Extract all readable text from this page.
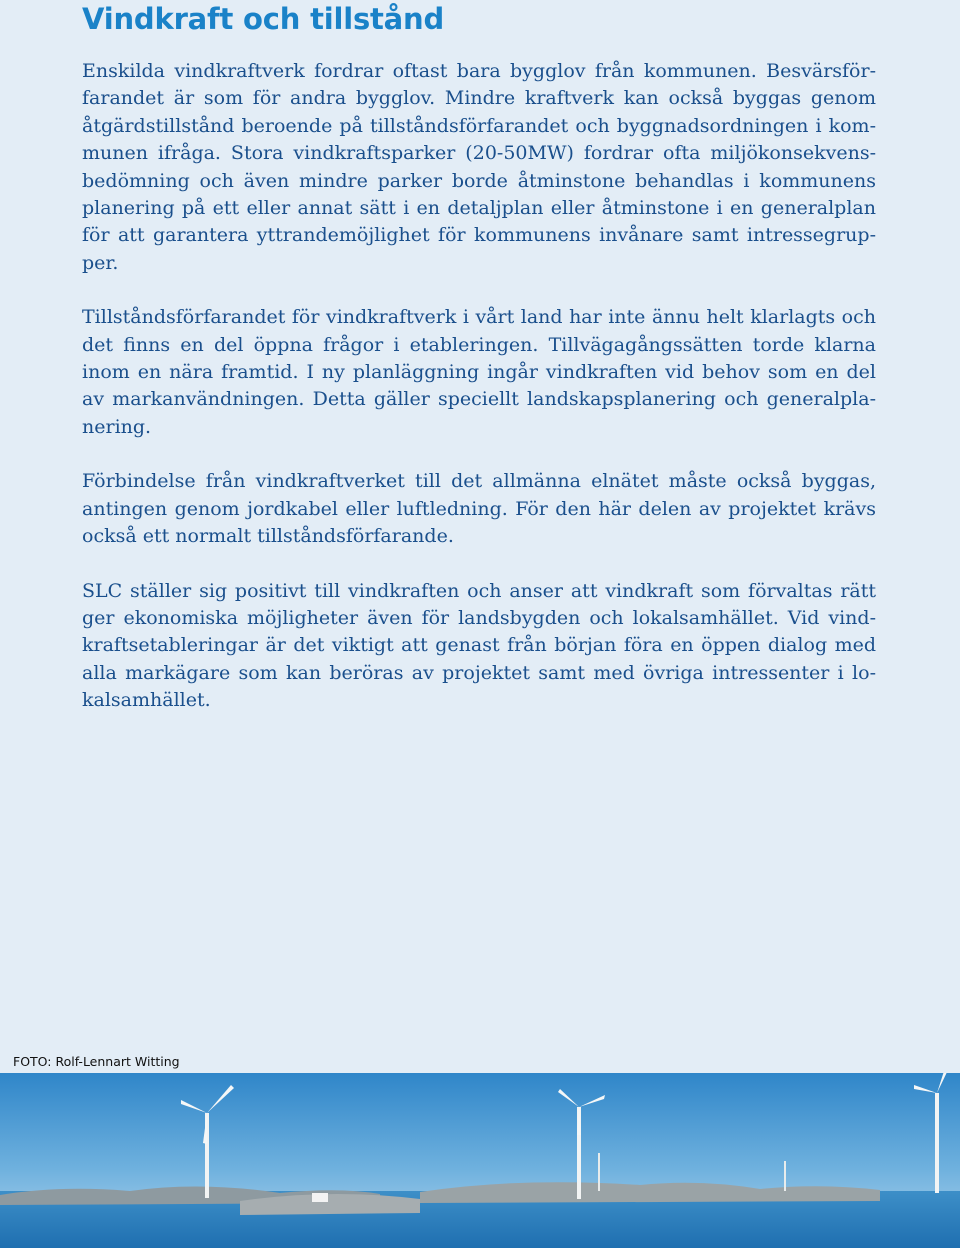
Vindkraft och tillstånd

Enskilda vindkraftverk fordrar oftast bara bygglov från kommunen. Besvärsförfarandet är som för andra bygglov. Mindre kraftverk kan också byggas genom åtgärdstillstånd beroende på tillståndsförfarandet och byggnadsordningen i kommunen ifråga. Stora vindkraftsparker (20-50MW) fordrar ofta miljökonsekvensbedömning och även mindre parker borde åtminstone behandlas i kommunens planering på ett eller annat sätt i en detaljplan eller åtminstone i en generalplan för att garantera yttrandemöjlighet för kommunens invånare samt intressegrupper.

Tillståndsförfarandet för vindkraftverk i vårt land har inte ännu helt klarlagts och det finns en del öppna frågor i etableringen. Tillvägagångssätten torde klarna inom en nära framtid. I ny planläggning ingår vindkraften vid behov som en del av markanvändningen. Detta gäller speciellt landskapsplanering och generalplanering.

Förbindelse från vindkraftverket till det allmänna elnätet måste också byggas, antingen genom jordkabel eller luftledning. För den här delen av projektet krävs också ett normalt tillståndsförfarande.

SLC ställer sig positivt till vindkraften och anser att vindkraft som förvaltas rätt ger ekonomiska möjligheter även för landsbygden och lokalsamhället. Vid vindkraftsetableringar är det viktigt att genast från början föra en öppen dialog med alla markägare som kan beröras av projektet samt med övriga intressenter i lokalsamhället.

FOTO: Rolf-Lennart Witting
